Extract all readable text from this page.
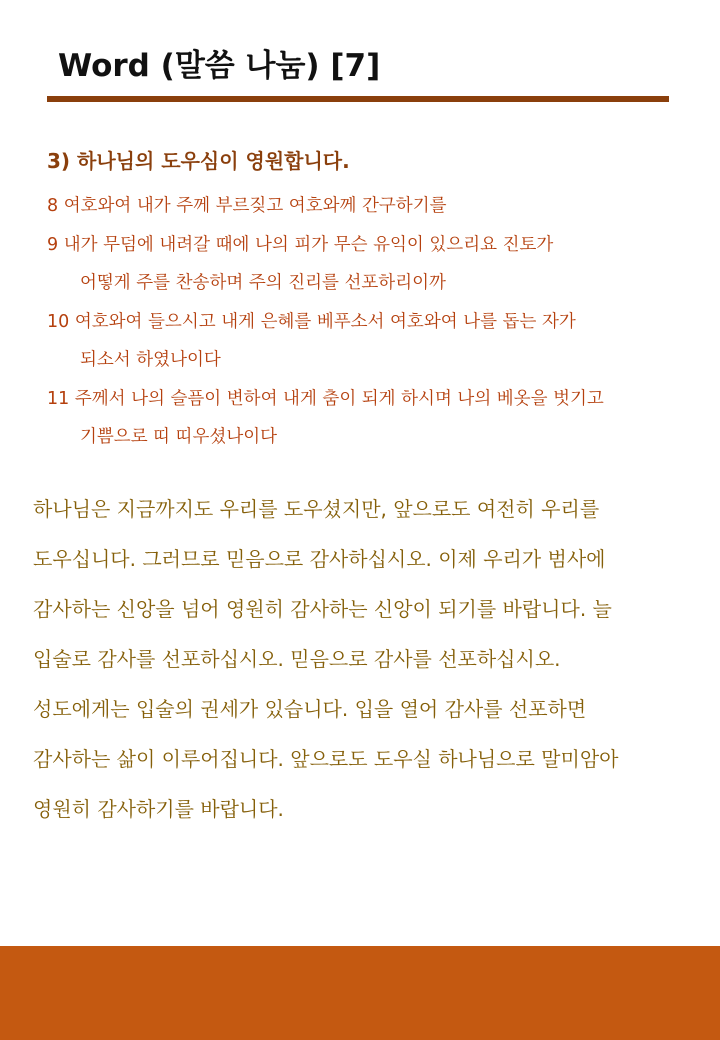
Word (말씀 나눔) [7]
3) 하나님의 도우심이 영원합니다.
8 여호와여 내가 주께 부르짖고 여호와께 간구하기를
9 내가 무덤에 내려갈 때에 나의 피가 무슨 유익이 있으리요 진토가
어떻게 주를 찬송하며 주의 진리를 선포하리이까
10 여호와여 들으시고 내게 은혜를 베푸소서 여호와여 나를 돕는 자가
되소서 하였나이다
11 주께서 나의 슬픔이 변하여 내게 춤이 되게 하시며 나의 베옷을 벗기고
기쁨으로 띠 띠우셨나이다
하나님은 지금까지도 우리를 도우셨지만, 앞으로도 여전히 우리를
도우십니다. 그러므로 믿음으로 감사하십시오. 이제 우리가 범사에
감사하는 신앙을 넘어 영원히 감사하는 신앙이 되기를 바랍니다. 늘
입술로 감사를 선포하십시오. 믿음으로 감사를 선포하십시오.
성도에게는 입술의 권세가 있습니다. 입을 열어 감사를 선포하면
감사하는 삶이 이루어집니다. 앞으로도 도우실 하나님으로 말미암아
영원히 감사하기를 바랍니다.
